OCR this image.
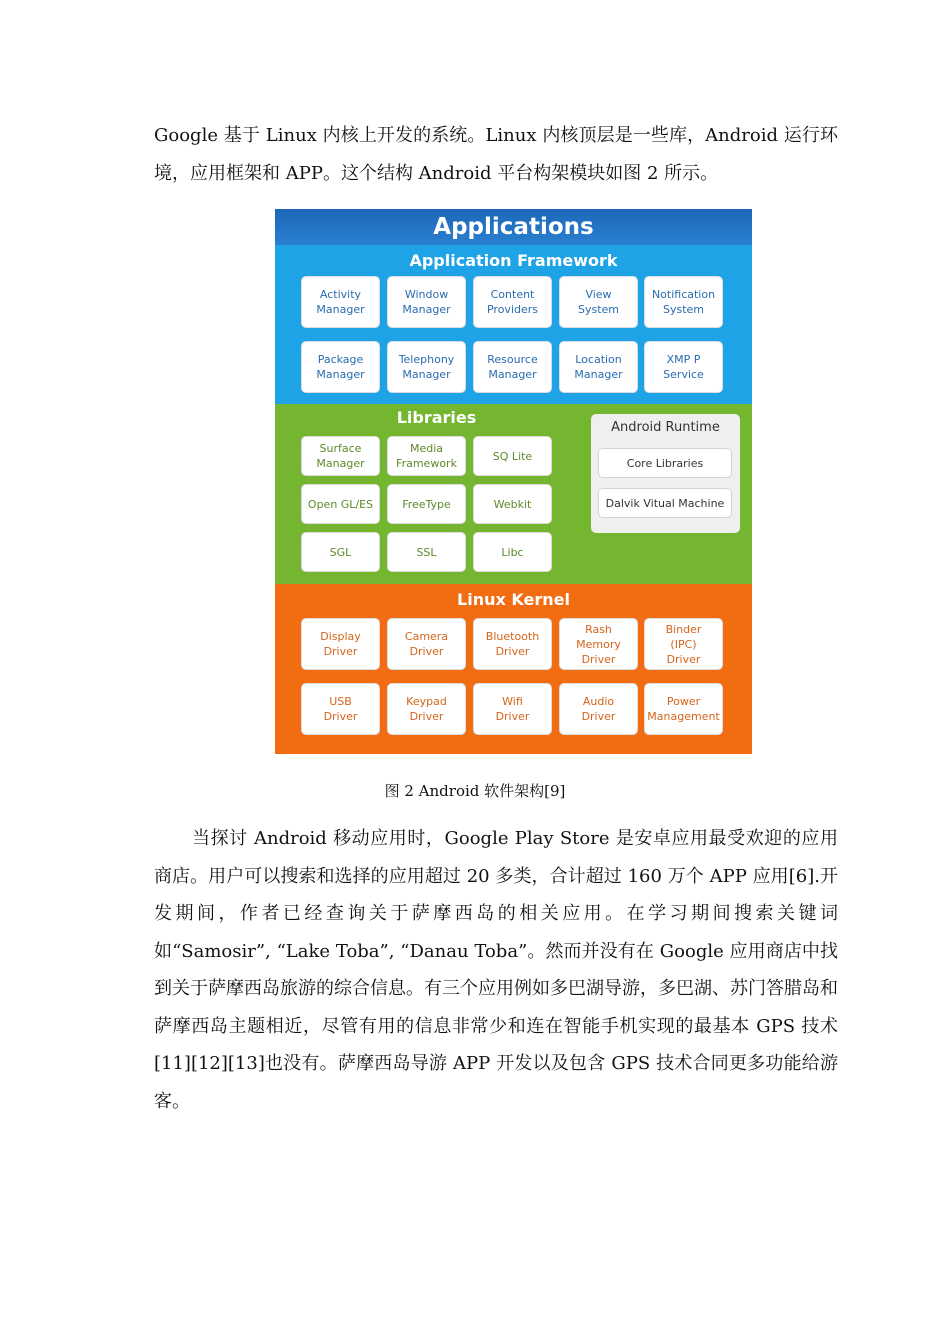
Google 基于 Linux 内核上开发的系统。Linux 内核顶层是一些库，Android 运行环境，应用框架和 APP。这个结构 Android 平台构架模块如图 2 所示。

Applications
Application Framework
Activity
Manager
Window
Manager
Content
Providers
View
System
Notification
System
Package
Manager
Telephony
Manager
Resource
Manager
Location
Manager
XMP P
Service
Libraries
Surface
Manager
Media
Framework
SQ Lite
Open GL/ES	FreeType	Webkit
SGL	SSL	Libc
Android Runtime
Core Libraries
Dalvik Vitual Machine
Linux Kernel
Display
Driver
Camera
Driver
Bluetooth
Driver
Rash
Memory
Driver
Binder
(IPC)
Driver
USB
Driver
Keypad
Driver
Wifi
Driver
Audio
Driver
Power
Management
图 2 Android 软件架构[9]

当探讨 Android 移动应用时，Google Play Store 是安卓应用最受欢迎的应用商店。用户可以搜索和选择的应用超过 20 多类，合计超过 160 万个 APP 应用[6].开发期间，作者已经查询关于萨摩西岛的相关应用。在学习期间搜索关键词如“Samosir”, “Lake Toba”, “Danau Toba”。然而并没有在 Google 应用商店中找到关于萨摩西岛旅游的综合信息。有三个应用例如多巴湖导游，多巴湖、苏门答腊岛和萨摩西岛主题相近，尽管有用的信息非常少和连在智能手机实现的最基本 GPS 技术[11][12][13]也没有。萨摩西岛导游 APP 开发以及包含 GPS 技术合同更多功能给游客。
